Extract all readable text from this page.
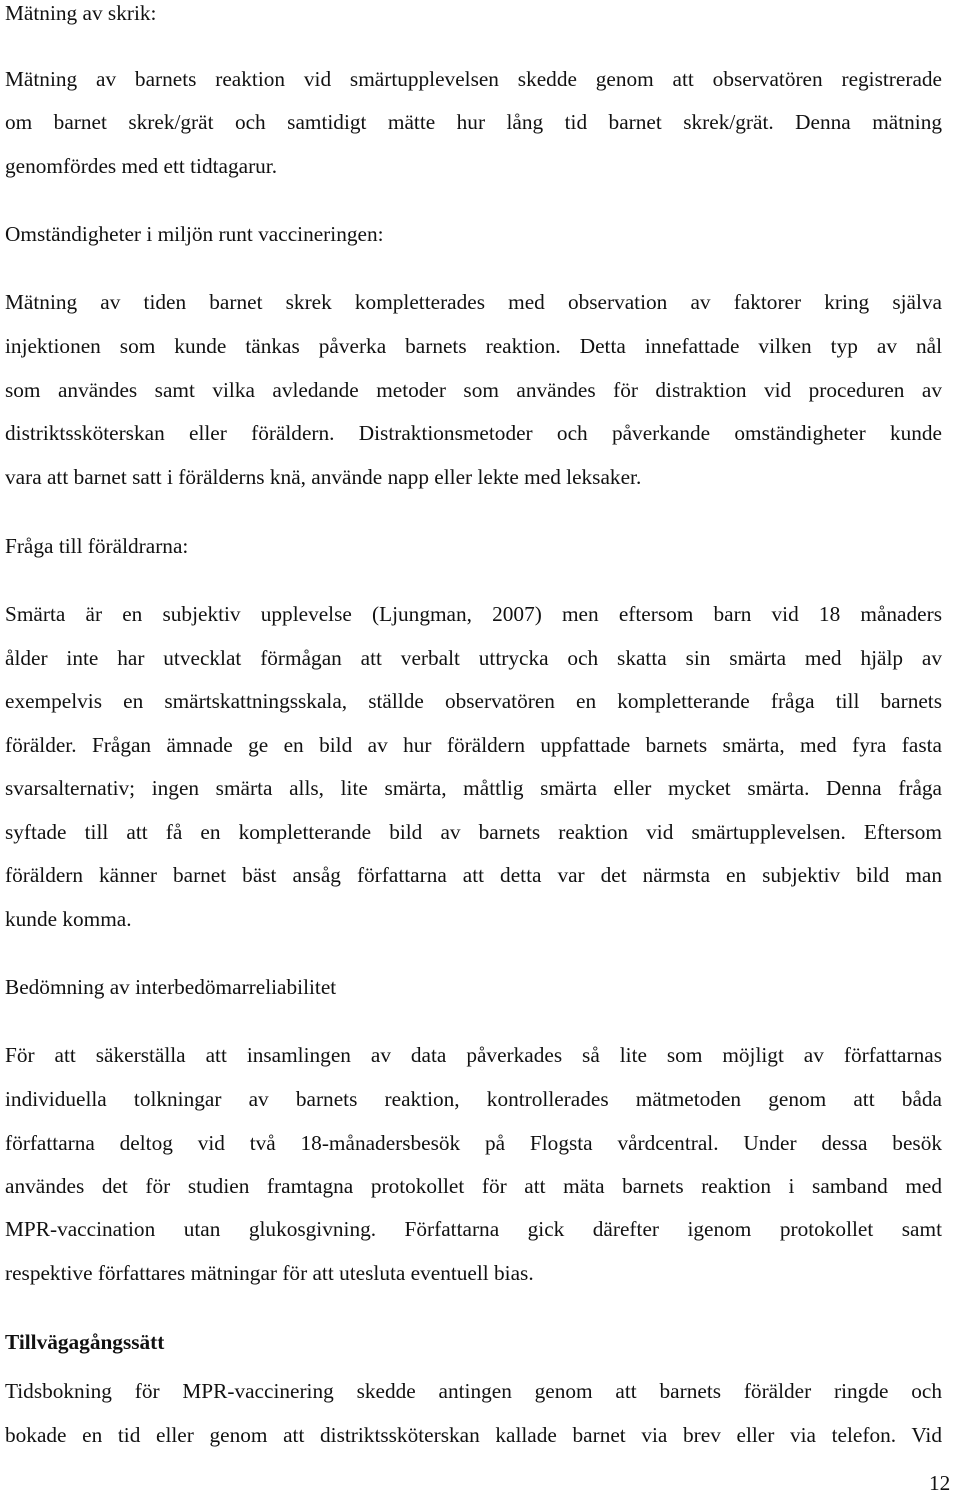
Mätning av skrik:
Mätning av barnets reaktion vid smärtupplevelsen skedde genom att observatören registrerade
om barnet skrek/grät och samtidigt mätte hur lång tid barnet skrek/grät. Denna mätning
genomfördes med ett tidtagarur.
Omständigheter i miljön runt vaccineringen:
Mätning av tiden barnet skrek kompletterades med observation av faktorer kring själva
injektionen som kunde tänkas påverka barnets reaktion. Detta innefattade vilken typ av nål
som användes samt vilka avledande metoder som användes för distraktion vid proceduren av
distriktssköterskan eller föräldern. Distraktionsmetoder och påverkande omständigheter kunde
vara att barnet satt i förälderns knä, använde napp eller lekte med leksaker.
Fråga till föräldrarna:
Smärta är en subjektiv upplevelse (Ljungman, 2007) men eftersom barn vid 18 månaders
ålder inte har utvecklat förmågan att verbalt uttrycka och skatta sin smärta med hjälp av
exempelvis en smärtskattningsskala, ställde observatören en kompletterande fråga till barnets
förälder. Frågan ämnade ge en bild av hur föräldern uppfattade barnets smärta, med fyra fasta
svarsalternativ; ingen smärta alls, lite smärta, måttlig smärta eller mycket smärta. Denna fråga
syftade till att få en kompletterande bild av barnets reaktion vid smärtupplevelsen. Eftersom
föräldern känner barnet bäst ansåg författarna att detta var det närmsta en subjektiv bild man
kunde komma.
Bedömning av interbedömarreliabilitet
För att säkerställa att insamlingen av data påverkades så lite som möjligt av författarnas
individuella tolkningar av barnets reaktion, kontrollerades mätmetoden genom att båda
författarna deltog vid två 18-månadersbesök på Flogsta vårdcentral. Under dessa besök
användes det för studien framtagna protokollet för att mäta barnets reaktion i samband med
MPR-vaccination utan glukosgivning. Författarna gick därefter igenom protokollet samt
respektive författares mätningar för att utesluta eventuell bias.
Tillvägagångssätt
Tidsbokning för MPR-vaccinering skedde antingen genom att barnets förälder ringde och
bokade en tid eller genom att distriktssköterskan kallade barnet via brev eller via telefon. Vid
12
